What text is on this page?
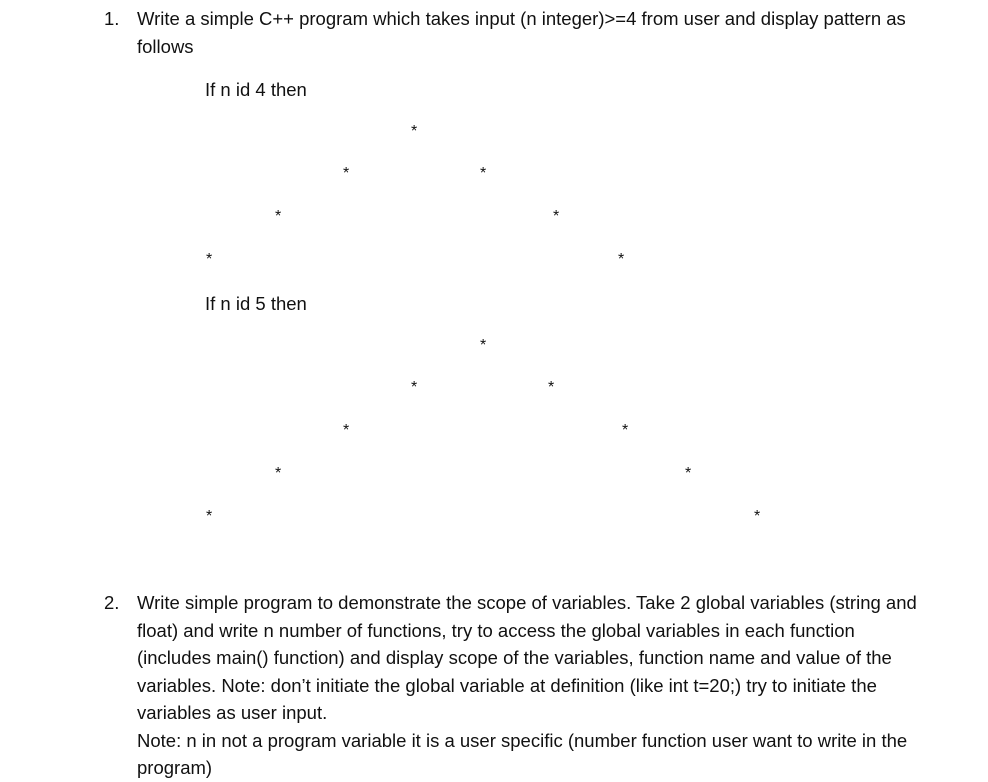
1. Write a simple C++ program which takes input (n integer)>=4 from user and display pattern as
follows
If n id 4 then
*
*	*
*	*
*	*
If n id 5 then
*
*	*
*	*
*	*
*	*
2. Write simple program to demonstrate the scope of variables. Take 2 global variables (string and
float) and write n number of functions, try to access the global variables in each function
(includes main() function) and display scope of the variables, function name and value of the
variables. Note: don’t initiate the global variable at definition (like int t=20;) try to initiate the
variables as user input.
Note: n in not a program variable it is a user specific (number function user want to write in the
program)
